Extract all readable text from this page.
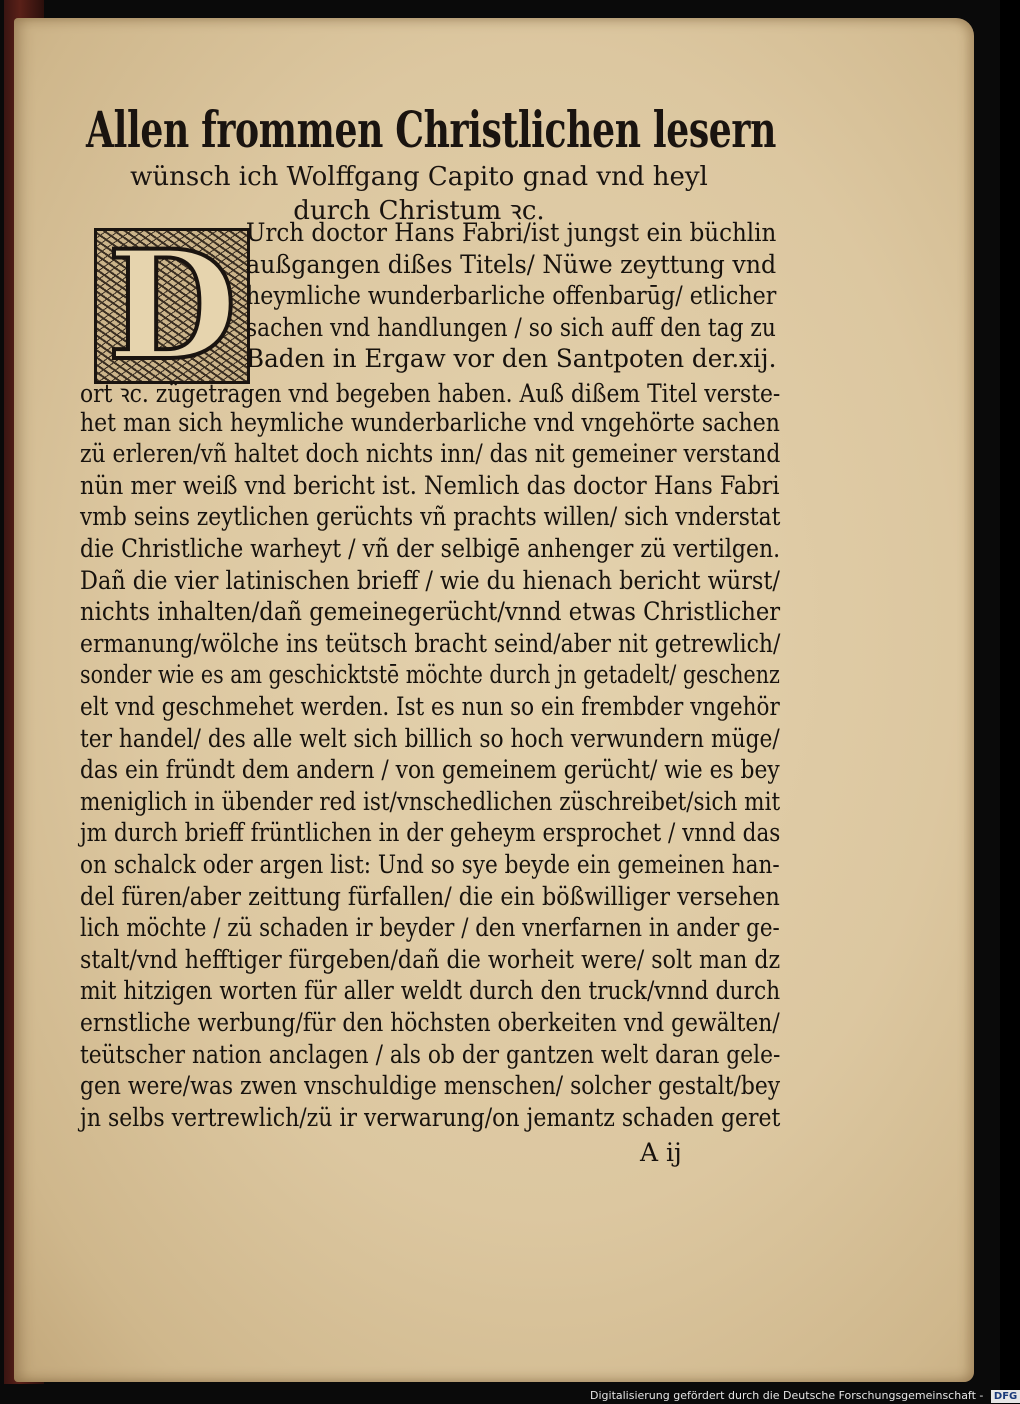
Allen frommen Christlichen lesern
wünsch ich Wolffgang Capito gnad vnd heyl
durch Christum ꝛc.
D Urch doctor Hans Fabri/ist jungst ein büchlin
außgangen dißes Titels/ Nüwe zeyttung vnd
heymliche wunderbarliche offenbarūg/ etlicher
sachen vnd handlungen / so sich auff den tag zu
Baden in Ergaw vor den Santpoten der.xij.
ort ꝛc. zügetragen vnd begeben haben. Auß dißem Titel verste-
het man sich heymliche wunderbarliche vnd vngehörte sachen
zü erleren/vñ haltet doch nichts inn/ das nit gemeiner verstand
nün mer weiß vnd bericht ist. Nemlich das doctor Hans Fabri
vmb seins zeytlichen gerüchts vñ prachts willen/ sich vnderstat
die Christliche warheyt / vñ der selbigē anhenger zü vertilgen.
Dañ die vier latinischen brieff / wie du hienach bericht würst/
nichts inhalten/dañ gemeinegerücht/vnnd etwas Christlicher
ermanung/wölche ins teütsch bracht seind/aber nit getrewlich/
sonder wie es am geschicktstē möchte durch jn getadelt/ geschenz
elt vnd geschmehet werden. Ist es nun so ein frembder vngehör
ter handel/ des alle welt sich billich so hoch verwundern müge/
das ein fründt dem andern / von gemeinem gerücht/ wie es bey
meniglich in übender red ist/vnschedlichen züschreibet/sich mit
jm durch brieff früntlichen in der geheym ersprochet / vnnd das
on schalck oder argen list: Und so sye beyde ein gemeinen han-
del füren/aber zeittung fürfallen/ die ein bößwilliger versehen
lich möchte / zü schaden ir beyder / den vnerfarnen in ander ge-
stalt/vnd hefftiger fürgeben/dañ die worheit were/ solt man dz
mit hitzigen worten für aller weldt durch den truck/vnnd durch
ernstliche werbung/für den höchsten oberkeiten vnd gewälten/
teütscher nation anclagen / als ob der gantzen welt daran gele-
gen were/was zwen vnschuldige menschen/ solcher gestalt/bey
jn selbs vertrewlich/zü ir verwarung/on jemantz schaden geret
A ij
Digitalisierung gefördert durch die Deutsche Forschungsgemeinschaft - DFG
